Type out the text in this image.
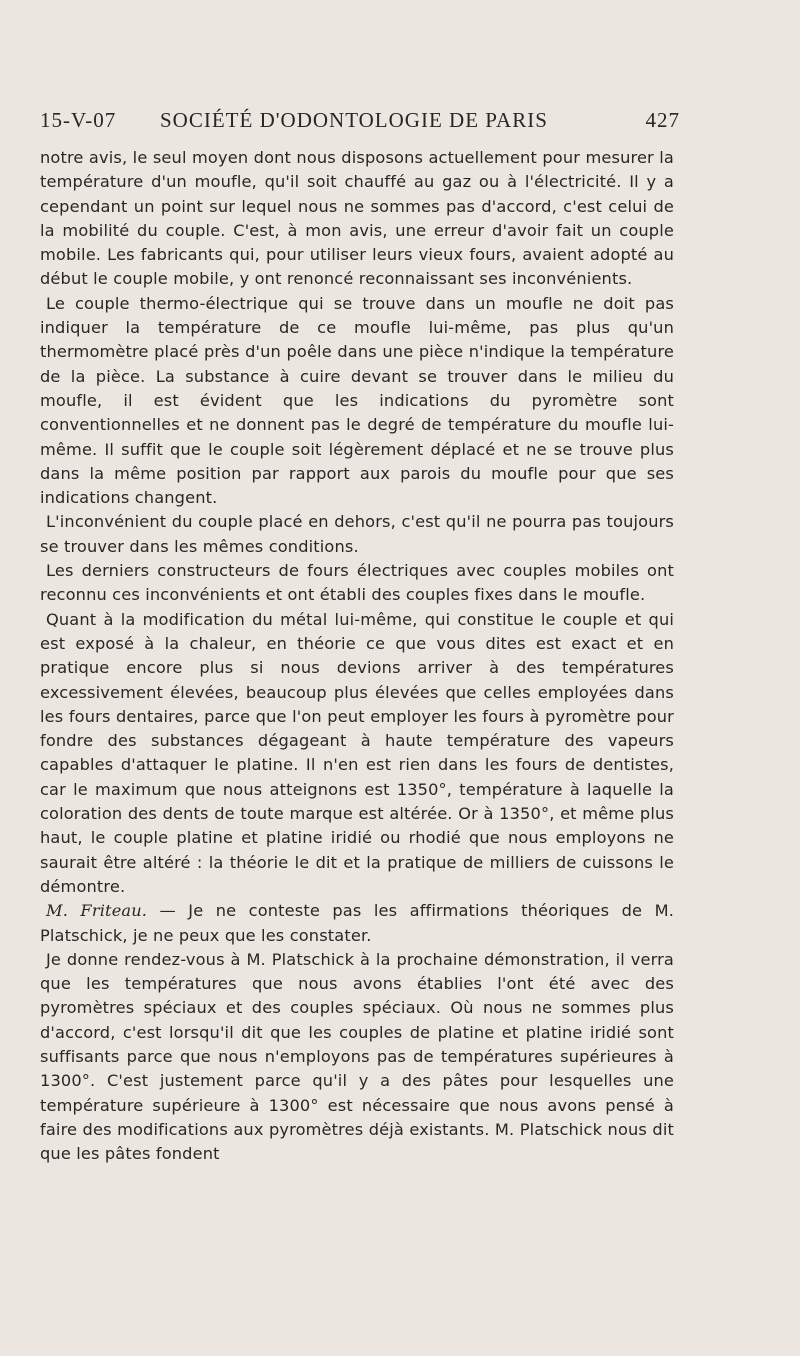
15-V-07 SOCIÉTÉ D'ODONTOLOGIE DE PARIS	427

notre avis, le seul moyen dont nous disposons actuellement pour mesurer la température d'un moufle, qu'il soit chauffé au gaz ou à l'électricité. Il y a cependant un point sur lequel nous ne sommes pas d'accord, c'est celui de la mobilité du couple. C'est, à mon avis, une erreur d'avoir fait un couple mobile. Les fabricants qui, pour utiliser leurs vieux fours, avaient adopté au début le couple mobile, y ont renoncé reconnaissant ses inconvénients.

Le couple thermo-électrique qui se trouve dans un moufle ne doit pas indiquer la température de ce moufle lui-même, pas plus qu'un thermomètre placé près d'un poêle dans une pièce n'indique la température de la pièce. La substance à cuire devant se trouver dans le milieu du moufle, il est évident que les indications du pyromètre sont conventionnelles et ne donnent pas le degré de température du moufle lui-même. Il suffit que le couple soit légèrement déplacé et ne se trouve plus dans la même position par rapport aux parois du moufle pour que ses indications changent.

L'inconvénient du couple placé en dehors, c'est qu'il ne pourra pas toujours se trouver dans les mêmes conditions.

Les derniers constructeurs de fours électriques avec couples mobiles ont reconnu ces inconvénients et ont établi des couples fixes dans le moufle.

Quant à la modification du métal lui-même, qui constitue le couple et qui est exposé à la chaleur, en théorie ce que vous dites est exact et en pratique encore plus si nous devions arriver à des températures excessivement élevées, beaucoup plus élevées que celles employées dans les fours dentaires, parce que l'on peut employer les fours à pyromètre pour fondre des substances dégageant à haute température des vapeurs capables d'attaquer le platine. Il n'en est rien dans les fours de dentistes, car le maximum que nous atteignons est 1350°, température à laquelle la coloration des dents de toute marque est altérée. Or à 1350°, et même plus haut, le couple platine et platine iridié ou rhodié que nous employons ne saurait être altéré : la théorie le dit et la pratique de milliers de cuissons le démontre.

M. Friteau. — Je ne conteste pas les affirmations théoriques de M. Platschick, je ne peux que les constater.

Je donne rendez-vous à M. Platschick à la prochaine démonstration, il verra que les températures que nous avons établies l'ont été avec des pyromètres spéciaux et des couples spéciaux. Où nous ne sommes plus d'accord, c'est lorsqu'il dit que les couples de platine et platine iridié sont suffisants parce que nous n'employons pas de températures supérieures à 1300°. C'est justement parce qu'il y a des pâtes pour lesquelles une température supérieure à 1300° est nécessaire que nous avons pensé à faire des modifications aux pyromètres déjà existants. M. Platschick nous dit que les pâtes fondent
